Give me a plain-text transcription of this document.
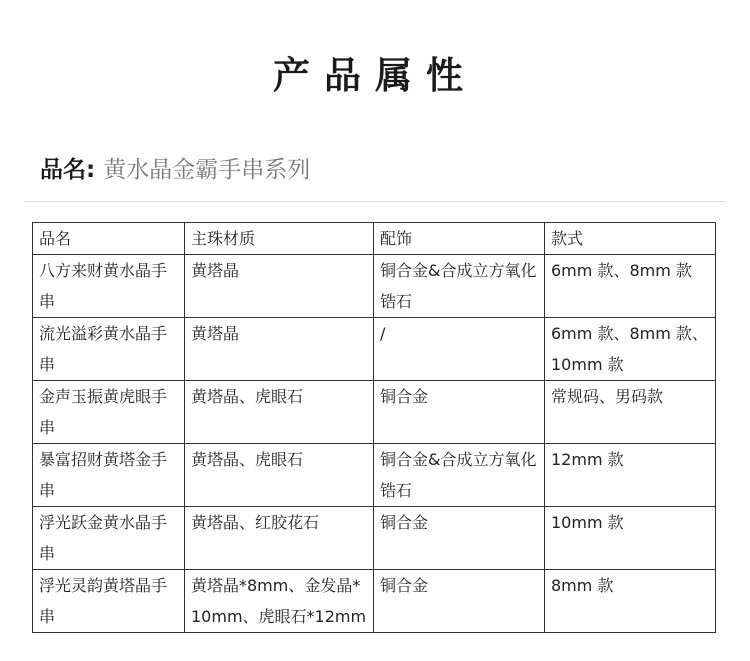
产品属性
品名: 黄水晶金霸手串系列
品名	主珠材质	配饰	款式
八方来财黄水晶手串	黄塔晶	铜合金&合成立方氧化锆石	6mm 款、8mm 款
流光溢彩黄水晶手串	黄塔晶	/	6mm 款、8mm 款、10mm 款
金声玉振黄虎眼手串	黄塔晶、虎眼石	铜合金	常规码、男码款
暴富招财黄塔金手串	黄塔晶、虎眼石	铜合金&合成立方氧化锆石	12mm 款
浮光跃金黄水晶手串	黄塔晶、红胶花石	铜合金	10mm 款
浮光灵韵黄塔晶手串	黄塔晶*8mm、金发晶*10mm、虎眼石*12mm	铜合金	8mm 款
